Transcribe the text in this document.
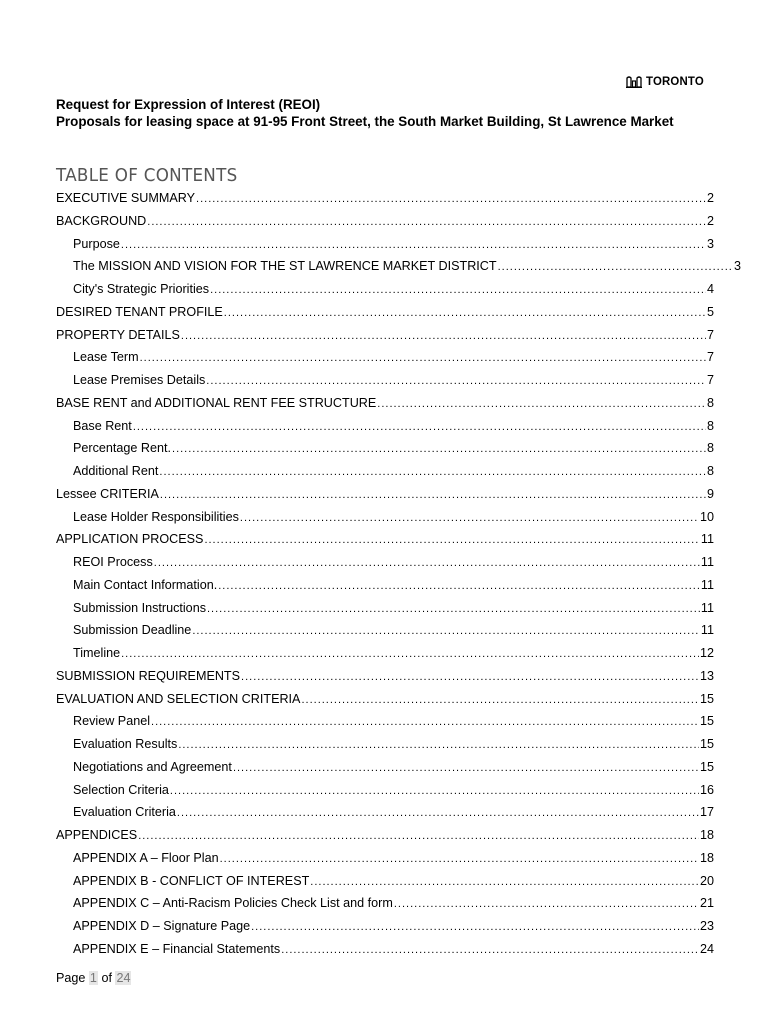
TORONTO
Request for Expression of Interest (REOI)
Proposals for leasing space at 91-95 Front Street, the South Market Building, St Lawrence Market
TABLE OF CONTENTS
EXECUTIVE SUMMARY .....	2
BACKGROUND .....	2
Purpose .....	3
The MISSION AND VISION FOR THE ST LAWRENCE MARKET DISTRICT .....	3
City's Strategic Priorities .....	4
DESIRED TENANT PROFILE .....	5
PROPERTY DETAILS .....	7
Lease Term .....	7
Lease Premises Details .....	7
BASE RENT and ADDITIONAL RENT FEE STRUCTURE .....	8
Base Rent .....	8
Percentage Rent. .....	8
Additional Rent .....	8
Lessee CRITERIA .....	9
Lease Holder Responsibilities .....	10
APPLICATION PROCESS .....	11
REOI Process .....	11
Main Contact Information. .....	11
Submission Instructions .....	11
Submission Deadline .....	11
Timeline .....	12
SUBMISSION REQUIREMENTS .....	13
EVALUATION AND SELECTION CRITERIA .....	15
Review Panel .....	15
Evaluation Results .....	15
Negotiations and Agreement .....	15
Selection Criteria .....	16
Evaluation Criteria .....	17
APPENDICES .....	18
APPENDIX A – Floor Plan .....	18
APPENDIX B - CONFLICT OF INTEREST .....	20
APPENDIX C – Anti-Racism Policies Check List and form .....	21
APPENDIX D – Signature Page .....	23
APPENDIX E – Financial Statements .....	24
Page 1 of 24
